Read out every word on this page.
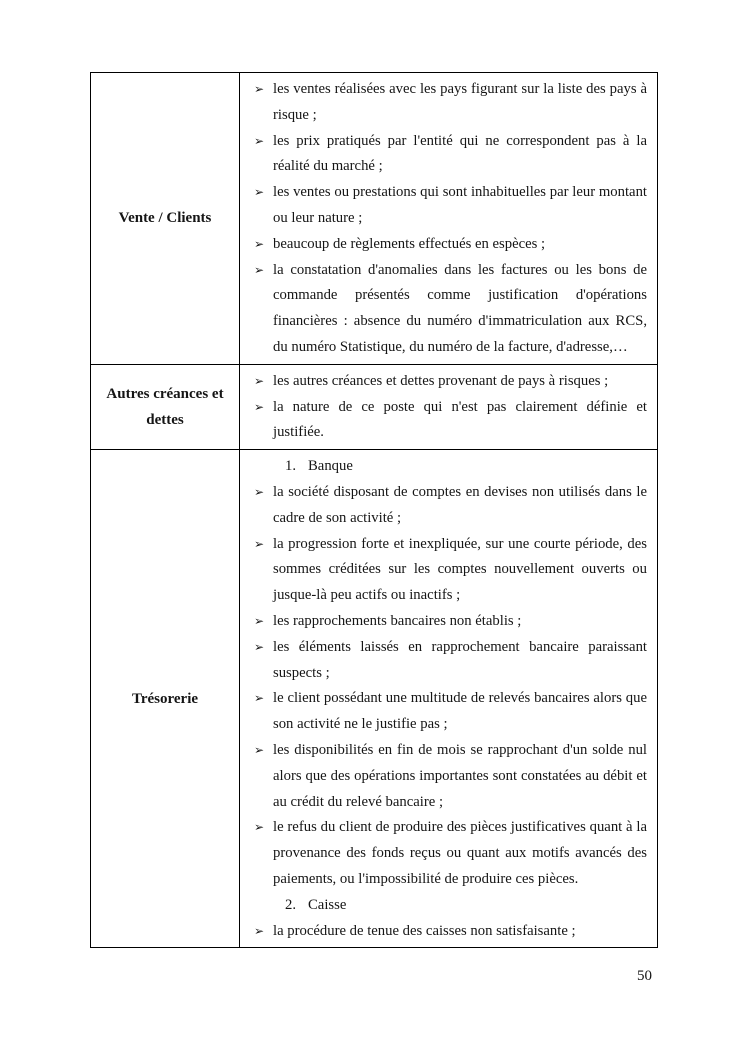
Vente / Clients
➢ les ventes réalisées avec les pays figurant sur la liste des pays à risque ;
➢ les prix pratiqués par l'entité qui ne correspondent pas à la réalité du marché ;
➢ les ventes ou prestations qui sont inhabituelles par leur montant ou leur nature ;
➢ beaucoup de règlements effectués en espèces ;
➢ la constatation d'anomalies dans les factures ou les bons de commande présentés comme justification d'opérations financières : absence du numéro d'immatriculation aux RCS, du numéro Statistique, du numéro de la facture, d'adresse,…
Autres créances et dettes
➢ les autres créances et dettes provenant de pays à risques ;
➢ la nature de ce poste qui n'est pas clairement définie et justifiée.
Trésorerie
1. Banque
➢ la société disposant de comptes en devises non utilisés dans le cadre de son activité ;
➢ la progression forte et inexpliquée, sur une courte période, des sommes créditées sur les comptes nouvellement ouverts ou jusque-là peu actifs ou inactifs ;
➢ les rapprochements bancaires non établis ;
➢ les éléments laissés en rapprochement bancaire paraissant suspects ;
➢ le client possédant une multitude de relevés bancaires alors que son activité ne le justifie pas ;
➢ les disponibilités en fin de mois se rapprochant d'un solde nul alors que des opérations importantes sont constatées au débit et au crédit du relevé bancaire ;
➢ le refus du client de produire des pièces justificatives quant à la provenance des fonds reçus ou quant aux motifs avancés des paiements, ou l'impossibilité de produire ces pièces.
2. Caisse
➢ la procédure de tenue des caisses non satisfaisante ;
50
